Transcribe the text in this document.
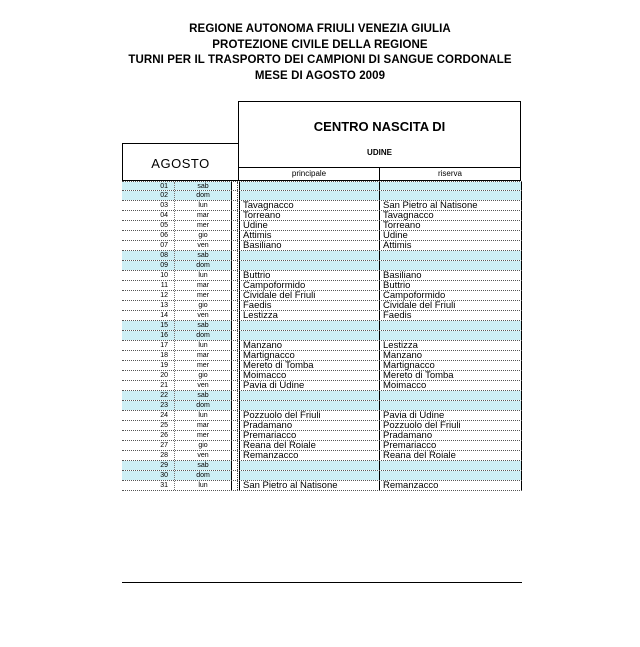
REGIONE AUTONOMA FRIULI VENEZIA GIULIA
PROTEZIONE CIVILE DELLA REGIONE
TURNI PER IL TRASPORTO DEI CAMPIONI DI SANGUE CORDONALE
MESE DI AGOSTO 2009
CENTRO NASCITA DI
UDINE
AGOSTO
principale	riserva
01	sab
02	dom
03	lun	Tavagnacco	San Pietro al Natisone
04	mar	Torreano	Tavagnacco
05	mer	Udine	Torreano
06	gio	Attimis	Udine
07	ven	Basiliano	Attimis
08	sab
09	dom
10	lun	Buttrio	Basiliano
11	mar	Campoformido	Buttrio
12	mer	Cividale del Friuli	Campoformido
13	gio	Faedis	Cividale del Friuli
14	ven	Lestizza	Faedis
15	sab
16	dom
17	lun	Manzano	Lestizza
18	mar	Martignacco	Manzano
19	mer	Mereto di Tomba	Martignacco
20	gio	Moimacco	Mereto di Tomba
21	ven	Pavia di Udine	Moimacco
22	sab
23	dom
24	lun	Pozzuolo del Friuli	Pavia di Udine
25	mar	Pradamano	Pozzuolo del Friuli
26	mer	Premariacco	Pradamano
27	gio	Reana del Roiale	Premariacco
28	ven	Remanzacco	Reana del Roiale
29	sab
30	dom
31	lun	San Pietro al Natisone	Remanzacco
